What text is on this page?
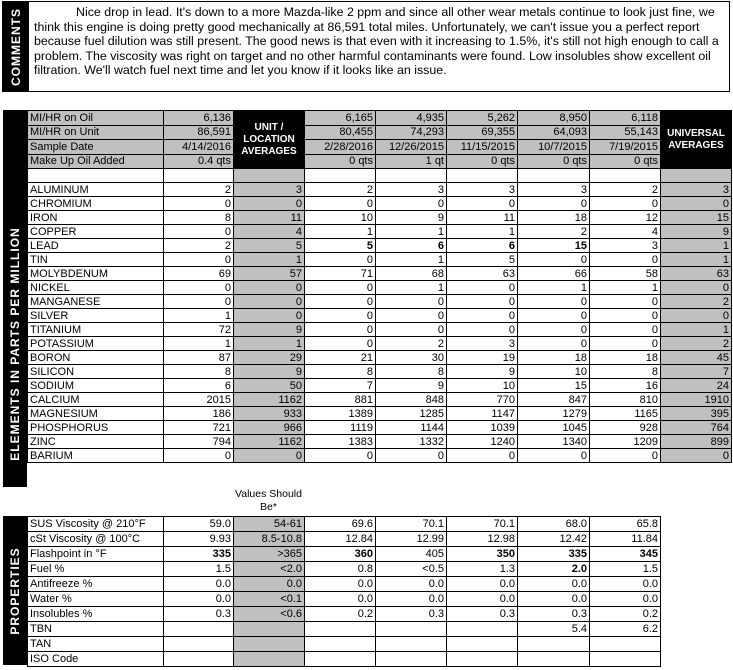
COMMENTS	Nice drop in lead. It's down to a more Mazda-like 2 ppm and since all other wear metals continue to look just fine, we think this engine is doing pretty good mechanically at 86,591 total miles. Unfortunately, we can't issue you a perfect report because fuel dilution was still present. The good news is that even with it increasing to 1.5%, it's still not high enough to call a problem. The viscosity was right on target and no other harmful contaminants were found. Low insolubles show excellent oil filtration. We'll watch fuel next time and let you know if it looks like an issue.
ELEMENTS IN PARTS PER MILLION
MI/HR on Oil	6,136	UNIT / LOCATION AVERAGES	6,165	4,935	5,262	8,950	6,118	UNIVERSAL AVERAGES
MI/HR on Unit	86,591		80,455	74,293	69,355	64,093	55,143	
Sample Date	4/14/2016		2/28/2016	12/26/2015	11/15/2015	10/7/2015	7/19/2015	
Make Up Oil Added	0.4 qts		0 qts	1 qt	0 qts	0 qts	0 qts	

ALUMINUM	2	3	2	3	3	3	2	3
CHROMIUM	0	0	0	0	0	0	0	0
IRON	8	11	10	9	11	18	12	15
COPPER	0	4	1	1	1	2	4	9
LEAD	2	5	5	6	6	15	3	1
TIN	0	1	0	1	5	0	0	1
MOLYBDENUM	69	57	71	68	63	66	58	63
NICKEL	0	0	0	1	0	1	1	0
MANGANESE	0	0	0	0	0	0	0	2
SILVER	1	0	0	0	0	0	0	0
TITANIUM	72	9	0	0	0	0	0	1
POTASSIUM	1	1	0	2	3	0	0	2
BORON	87	29	21	30	19	18	18	45
SILICON	8	9	8	8	9	10	8	7
SODIUM	6	50	7	9	10	15	16	24
CALCIUM	2015	1162	881	848	770	847	810	1910
MAGNESIUM	186	933	1389	1285	1147	1279	1165	395
PHOSPHORUS	721	966	1119	1144	1039	1045	928	764
ZINC	794	1162	1383	1332	1240	1340	1209	899
BARIUM	0	0	0	0	0	0	0	0
Values Should Be*
PROPERTIES
SUS Viscosity @ 210°F	59.0	54-61	69.6	70.1	70.1	68.0	65.8
cSt Viscosity @ 100°C	9.93	8.5-10.8	12.84	12.99	12.98	12.42	11.84
Flashpoint in °F	335	>365	360	405	350	335	345
Fuel %	1.5	<2.0	0.8	<0.5	1.3	2.0	1.5
Antifreeze %	0.0	0.0	0.0	0.0	0.0	0.0	0.0
Water %	0.0	<0.1	0.0	0.0	0.0	0.0	0.0
Insolubles %	0.3	<0.6	0.2	0.3	0.3	0.3	0.2
TBN						5.4	6.2
TAN							
ISO Code							
